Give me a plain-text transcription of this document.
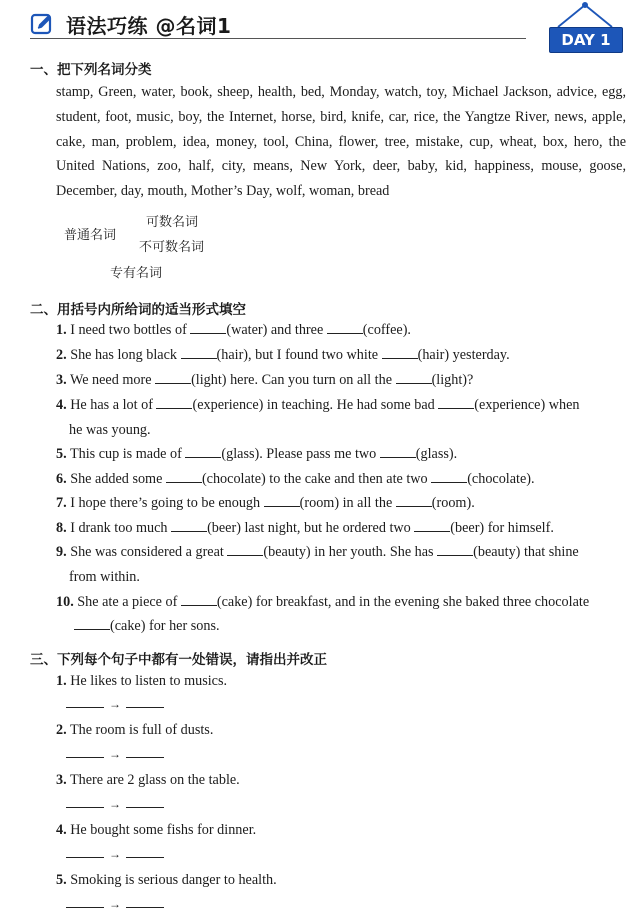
语法巧练 @名词1
DAY 1
一、把下列名词分类
stamp, Green, water, book, sheep, health, bed, Monday, watch, toy, Michael Jackson, advice, egg, student, foot, music, boy, the Internet, horse, bird, knife, car, rice, the Yangtze River, news, apple, cake, man, problem, idea, money, tool, China, flower, tree, mistake, cup, wheat, box, hero, the United Nations, zoo, half, city, means, New York, deer, baby, kid, happiness, mouse, goose, December, day, mouth, Mother’s Day, wolf, woman, bread
普通名词
可数名词
不可数名词
专有名词
二、用括号内所给词的适当形式填空
1. I need two bottles of	(water) and three	(coffee).
2. She has long black	(hair), but I found two white	(hair) yesterday.
3. We need more	(light) here. Can you turn on all the	(light)?
4. He has a lot of	(experience) in teaching. He had some bad	(experience) when
he was young.
5. This cup is made of	(glass). Please pass me two	(glass).
6. She added some	(chocolate) to the cake and then ate two	(chocolate).
7. I hope there’s going to be enough	(room) in all the	(room).
8. I drank too much	(beer) last night, but he ordered two	(beer) for himself.
9. She was considered a great	(beauty) in her youth. She has	(beauty) that shine
from within.
10. She ate a piece of	(cake) for breakfast, and in the evening she baked three chocolate
(cake) for her sons.
三、下列每个句子中都有一处错误，请指出并改正
1. He likes to listen to musics.
→
2. The room is full of dusts.
→
3. There are 2 glass on the table.
→
4. He bought some fishs for dinner.
→
5. Smoking is serious danger to health.
→
